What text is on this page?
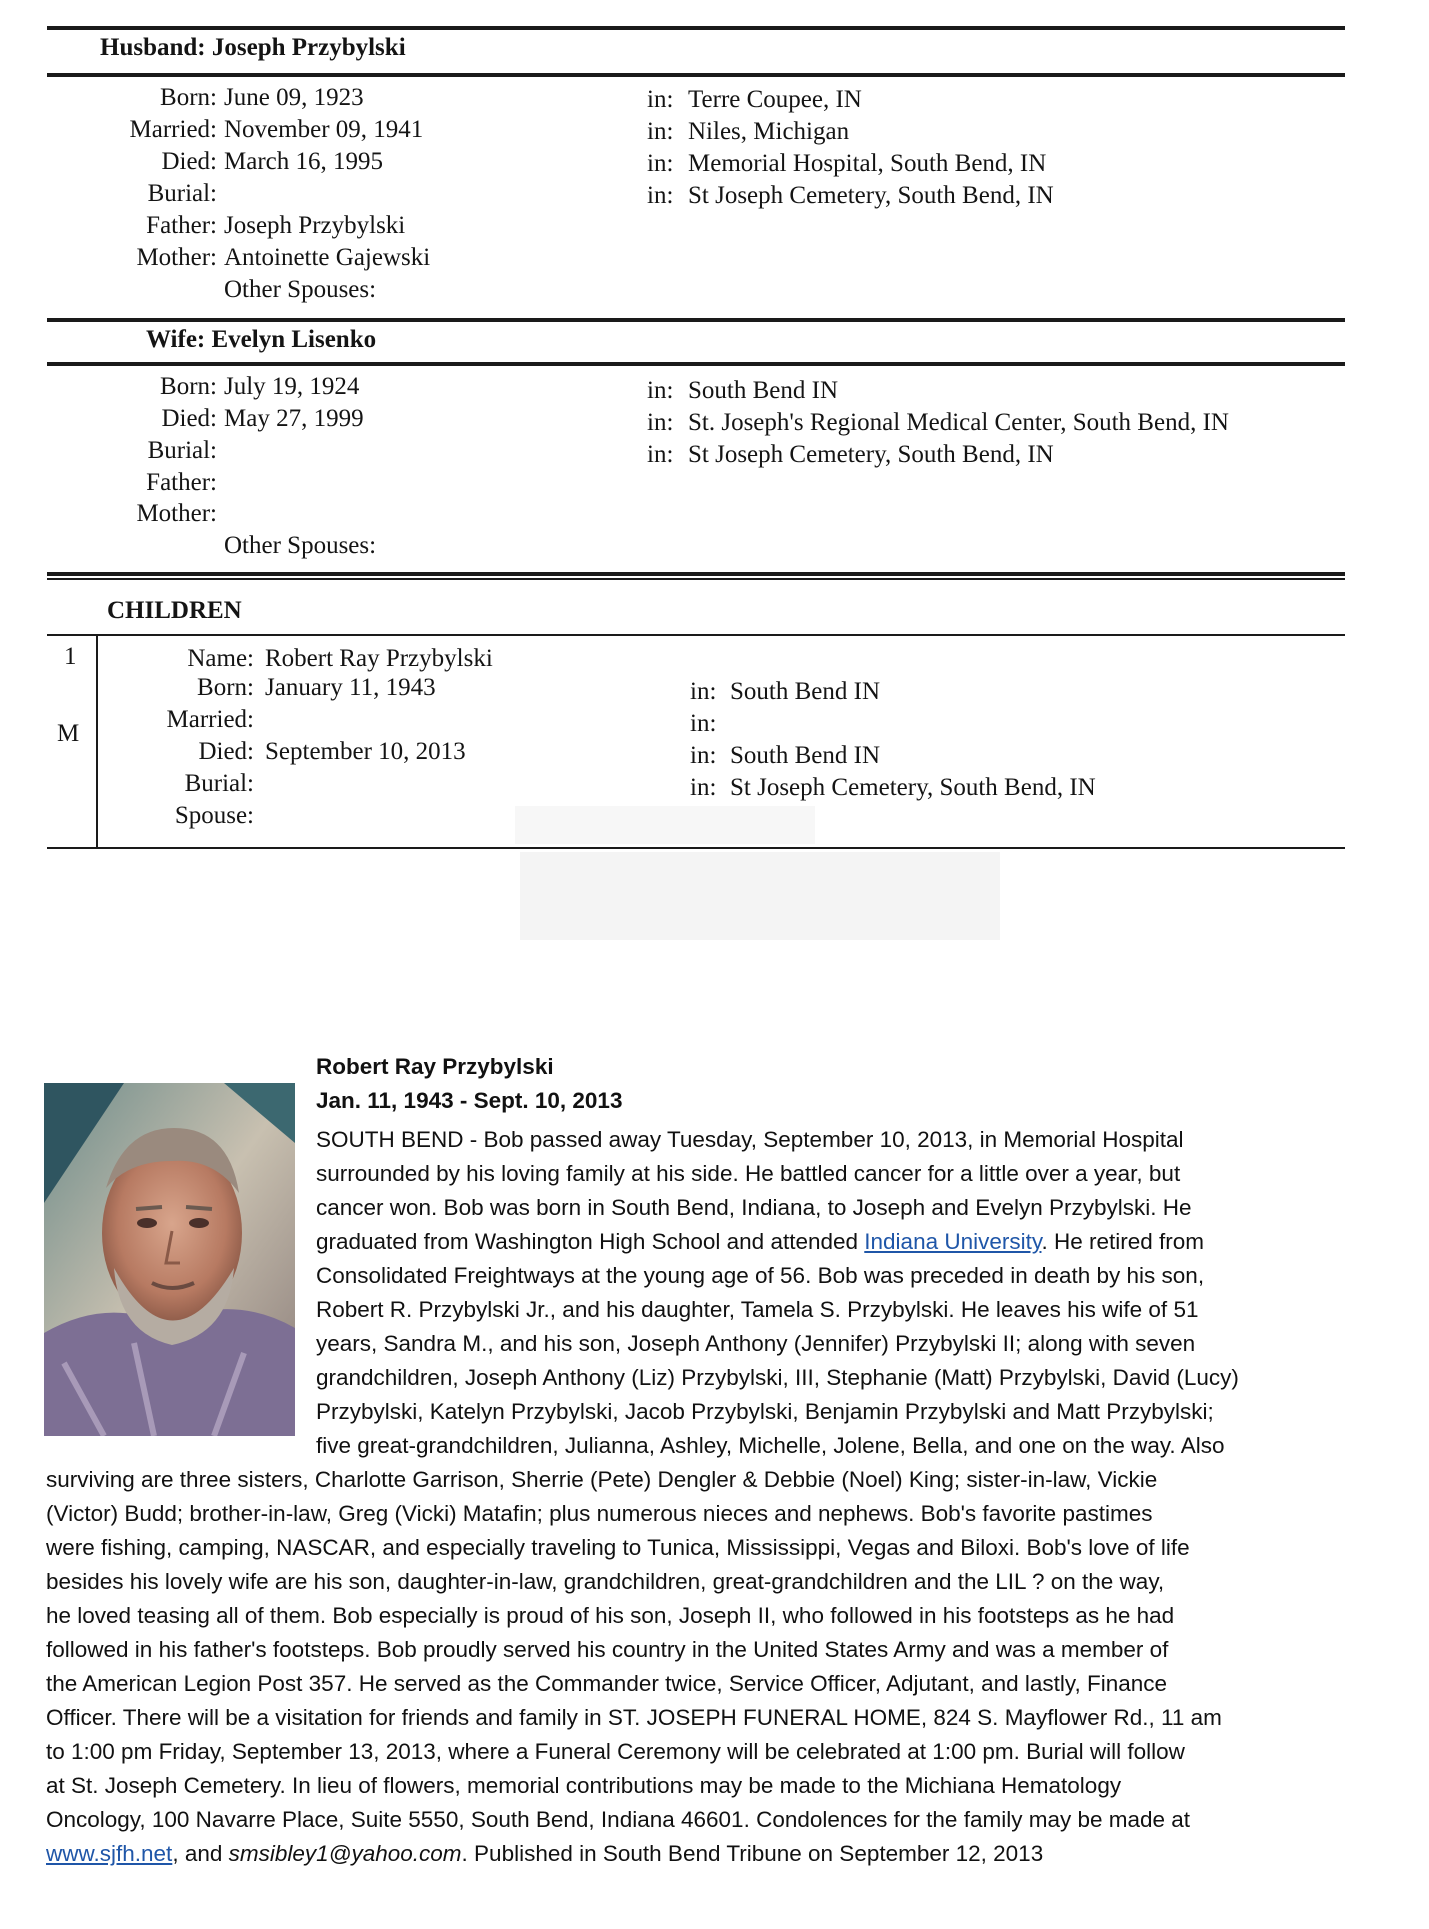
Husband: Joseph Przybylski
Born: June 09, 1923	in: Terre Coupee, IN
Married: November 09, 1941	in: Niles, Michigan
Died: March 16, 1995	in: Memorial Hospital, South Bend, IN
Burial:	in: St Joseph Cemetery, South Bend, IN
Father: Joseph Przybylski
Mother: Antoinette Gajewski
Other Spouses:
Wife: Evelyn Lisenko
Born: July 19, 1924	in: South Bend IN
Died: May 27, 1999	in: St. Joseph's Regional Medical Center, South Bend, IN
Burial:	in: St Joseph Cemetery, South Bend, IN
Father:
Mother:
Other Spouses:
CHILDREN
1
M
Name: Robert Ray Przybylski
Born: January 11, 1943	in: South Bend IN
Married:	in:
Died: September 10, 2013	in: South Bend IN
Burial:	in: St Joseph Cemetery, South Bend, IN
Spouse:
Robert Ray Przybylski
Jan. 11, 1943 - Sept. 10, 2013
SOUTH BEND - Bob passed away Tuesday, September 10, 2013, in Memorial Hospital
surrounded by his loving family at his side. He battled cancer for a little over a year, but
cancer won. Bob was born in South Bend, Indiana, to Joseph and Evelyn Przybylski. He
graduated from Washington High School and attended Indiana University. He retired from
Consolidated Freightways at the young age of 56. Bob was preceded in death by his son,
Robert R. Przybylski Jr., and his daughter, Tamela S. Przybylski. He leaves his wife of 51
years, Sandra M., and his son, Joseph Anthony (Jennifer) Przybylski II; along with seven
grandchildren, Joseph Anthony (Liz) Przybylski, III, Stephanie (Matt) Przybylski, David (Lucy)
Przybylski, Katelyn Przybylski, Jacob Przybylski, Benjamin Przybylski and Matt Przybylski;
five great-grandchildren, Julianna, Ashley, Michelle, Jolene, Bella, and one on the way. Also
surviving are three sisters, Charlotte Garrison, Sherrie (Pete) Dengler & Debbie (Noel) King; sister-in-law, Vickie
(Victor) Budd; brother-in-law, Greg (Vicki) Matafin; plus numerous nieces and nephews. Bob's favorite pastimes
were fishing, camping, NASCAR, and especially traveling to Tunica, Mississippi, Vegas and Biloxi. Bob's love of life
besides his lovely wife are his son, daughter-in-law, grandchildren, great-grandchildren and the LIL ? on the way,
he loved teasing all of them. Bob especially is proud of his son, Joseph II, who followed in his footsteps as he had
followed in his father's footsteps. Bob proudly served his country in the United States Army and was a member of
the American Legion Post 357. He served as the Commander twice, Service Officer, Adjutant, and lastly, Finance
Officer. There will be a visitation for friends and family in ST. JOSEPH FUNERAL HOME, 824 S. Mayflower Rd., 11 am
to 1:00 pm Friday, September 13, 2013, where a Funeral Ceremony will be celebrated at 1:00 pm. Burial will follow
at St. Joseph Cemetery. In lieu of flowers, memorial contributions may be made to the Michiana Hematology
Oncology, 100 Navarre Place, Suite 5550, South Bend, Indiana 46601. Condolences for the family may be made at
www.sjfh.net, and smsibley1@yahoo.com. Published in South Bend Tribune on September 12, 2013
